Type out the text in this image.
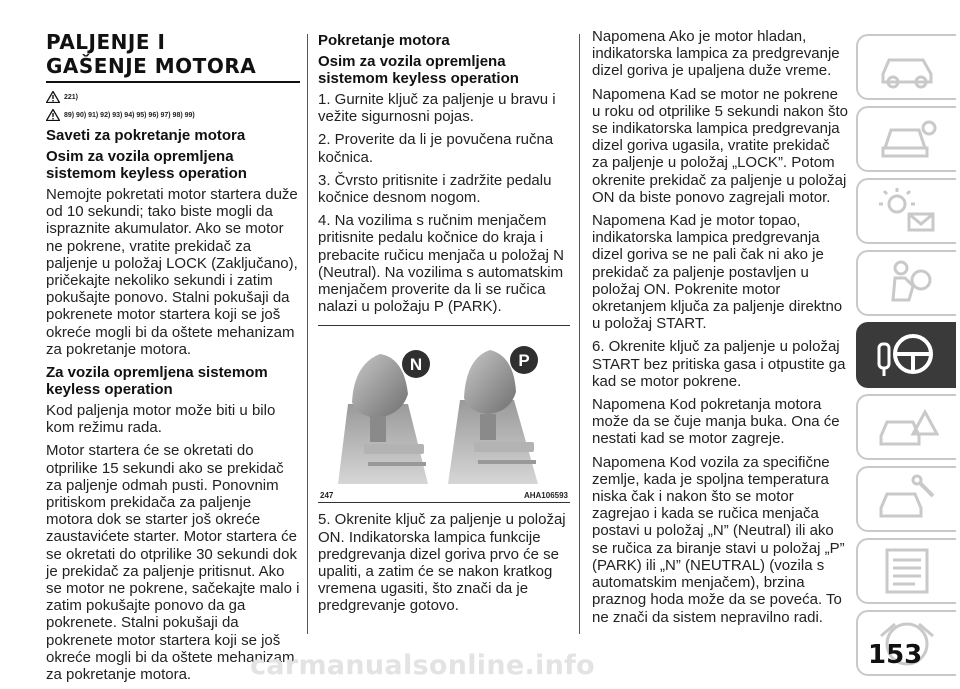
PALJENJE I
GAŠENJE MOTORA
221)
89) 90) 91) 92) 93) 94) 95) 96) 97) 98) 99)
Saveti za pokretanje motora
Osim za vozila opremljena sistemom keyless operation

Nemojte pokretati motor startera duže od 10 sekundi; tako biste mogli da ispraznite akumulator. Ako se motor ne pokrene, vratite prekidač za paljenje u položaj LOCK (Zaključano), pričekajte nekoliko sekundi i zatim pokušajte ponovo. Stalni pokušaji da pokrenete motor startera koji se još okreće mogli bi da oštete mehanizam za pokretanje motora.

Za vozila opremljena sistemom keyless operation

Kod paljenja motor može biti u bilo kom režimu rada.

Motor startera će se okretati do otprilike 15 sekundi ako se prekidač za paljenje odmah pusti. Ponovnim pritiskom prekidača za paljenje motora dok se starter još okreće zaustavićete starter. Motor startera će se okretati do otprilike 30 sekundi dok je prekidač za paljenje pritisnut. Ako se motor ne pokrene, sačekajte malo i zatim pokušajte ponovo da ga pokrenete. Stalni pokušaji da pokrenete motor startera koji se još okreće mogli bi da oštete mehanizam za pokretanje motora.

Pokretanje motora
Osim za vozila opremljena sistemom keyless operation

1. Gurnite ključ za paljenje u bravu i vežite sigurnosni pojas.

2. Proverite da li je povučena ručna kočnica.

3. Čvrsto pritisnite i zadržite pedalu kočnice desnom nogom.

4. Na vozilima s ručnim menjačem pritisnite pedalu kočnice do kraja i prebacite ručicu menjača u položaj N (Neutral). Na vozilima s automatskim menjačem proverite da li se ručica nalazi u položaju P (PARK).

N	P
247	AHA106593

5. Okrenite ključ za paljenje u položaj ON. Indikatorska lampica funkcije predgrevanja dizel goriva prvo će se upaliti, a zatim će se nakon kratkog vremena ugasiti, što znači da je predgrevanje gotovo.

Napomena Ako je motor hladan, indikatorska lampica za predgrevanje dizel goriva je upaljena duže vreme.

Napomena Kad se motor ne pokrene u roku od otprilike 5 sekundi nakon što se indikatorska lampica predgrevanja dizel goriva ugasila, vratite prekidač za paljenje u položaj „LOCK”. Potom okrenite prekidač za paljenje u položaj ON da biste ponovo zagrejali motor.

Napomena Kad je motor topao, indikatorska lampica predgrevanja dizel goriva se ne pali čak ni ako je prekidač za paljenje postavljen u položaj ON. Pokrenite motor okretanjem ključa za paljenje direktno u položaj START.

6. Okrenite ključ za paljenje u položaj START bez pritiska gasa i otpustite ga kad se motor pokrene.

Napomena Kod pokretanja motora može da se čuje manja buka. Ona će nestati kad se motor zagreje.

Napomena Kod vozila za specifične zemlje, kada je spoljna temperatura niska čak i nakon što se motor zagrejao i kada se ručica menjača postavi u položaj „N” (Neutral) ili ako se ručica za biranje stavi u položaj „P” (PARK) ili „N” (NEUTRAL) (vozila s automatskim menjačem), brzina praznog hoda može da se poveća. To ne znači da sistem nepravilno radi.

153
carmanualsonline.info
